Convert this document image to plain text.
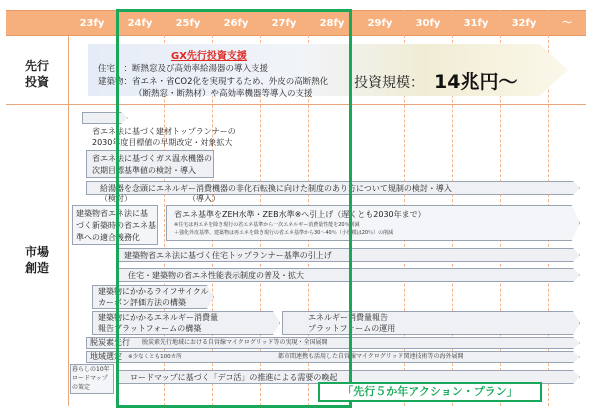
23fy	24fy	25fy	26fy	27fy	28fy	29fy	30fy	31fy	32fy	～
先行
投資
市場
創造
GX先行投資支援
住宅　：断熱窓及び高効率給湯器の導入支援
建築物：省エネ・省CO2化を実現するため、外皮の高断熱化
（断熱窓・断熱材）や高効率機器等導入の支援
投資規模： 14兆円～
省エネ法に基づく建材トップランナーの
2030年度目標値の早期改定・対象拡大
省エネ法に基づくガス温水機器の
次期目標基準値の検討・導入
給湯器を念頭にエネルギー消費機器の非化石転換に向けた制度のあり方について規制の検討・導入
（検討）	（導入）
建築物省エネ法に基
づく新築時の省エネ基
準への適合義務化
省エネ基準をZEH水準・ZEB水準※へ引上げ（遅くとも2030年まで）
※住宅は再エネを除き現行の省エネ基準から一次エネルギー消費量性能を20％削減
＋強化外皮基準、建築物は再エネを除き現行の省エネ基準から30～40％（小規模は20％）の削減
建築物省エネ法に基づく住宅トップランナー基準の引上げ
住宅・建築物の省エネ性能表示制度の普及・拡大
建築物にかかるライフサイクル
カーボン評価方法の構築
建築物にかかるエネルギー消費量
報告プラットフォームの構築
エネルギー消費量報告
プラットフォームの運用
脱炭素先行 脱炭素先行地域における自営線マイクログリッド等の実現・全国展開
地域選定 ※少なくとも100カ所	都市間連携も活用した自営線マイクログリッド関連技術等の海外展開
暮らしの10年
ロードマップ
の策定
ロードマップに基づく「デコ活」の推進による需要の喚起
「先行５か年アクション・プラン」
